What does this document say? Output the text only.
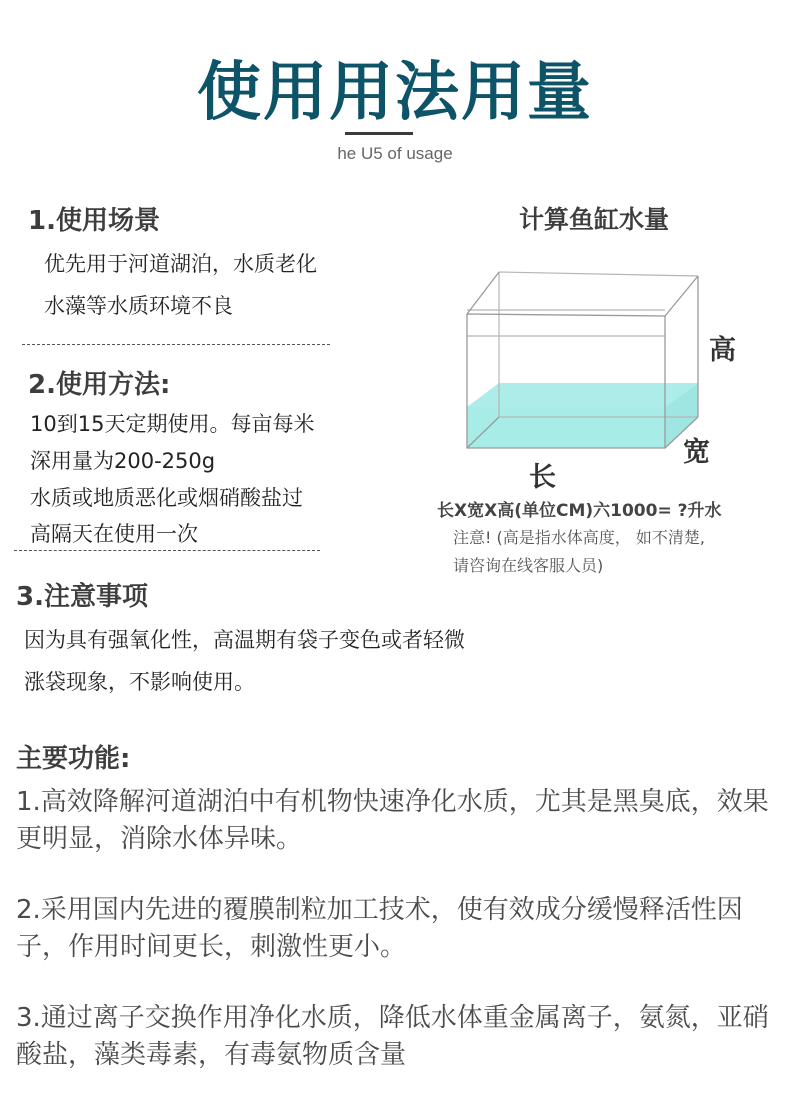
使用用法用量
he U5 of usage
1.使用场景
优先用于河道湖泊，水质老化
水藻等水质环境不良
2.使用方法:
10到15天定期使用。每亩每米
深用量为200-250g
水质或地质恶化或烟硝酸盐过
高隔天在使用一次
3.注意事项
因为具有强氧化性，高温期有袋子变色或者轻微
涨袋现象，不影响使用。
计算鱼缸水量
高
宽
长
长X宽X高(单位CM)六1000= ?升水
注意! (高是指水体高度， 如不清楚,
请咨询在线客服人员)
主要功能:
1.高效降解河道湖泊中有机物快速净化水质，尤其是黑臭底，效果更明显，消除水体异味。
2.采用国内先进的覆膜制粒加工技术，使有效成分缓慢释活性因子，作用时间更长，刺激性更小。
3.通过离子交换作用净化水质，降低水体重金属离子，氨氮，亚硝酸盐，藻类毒素，有毒氨物质含量
